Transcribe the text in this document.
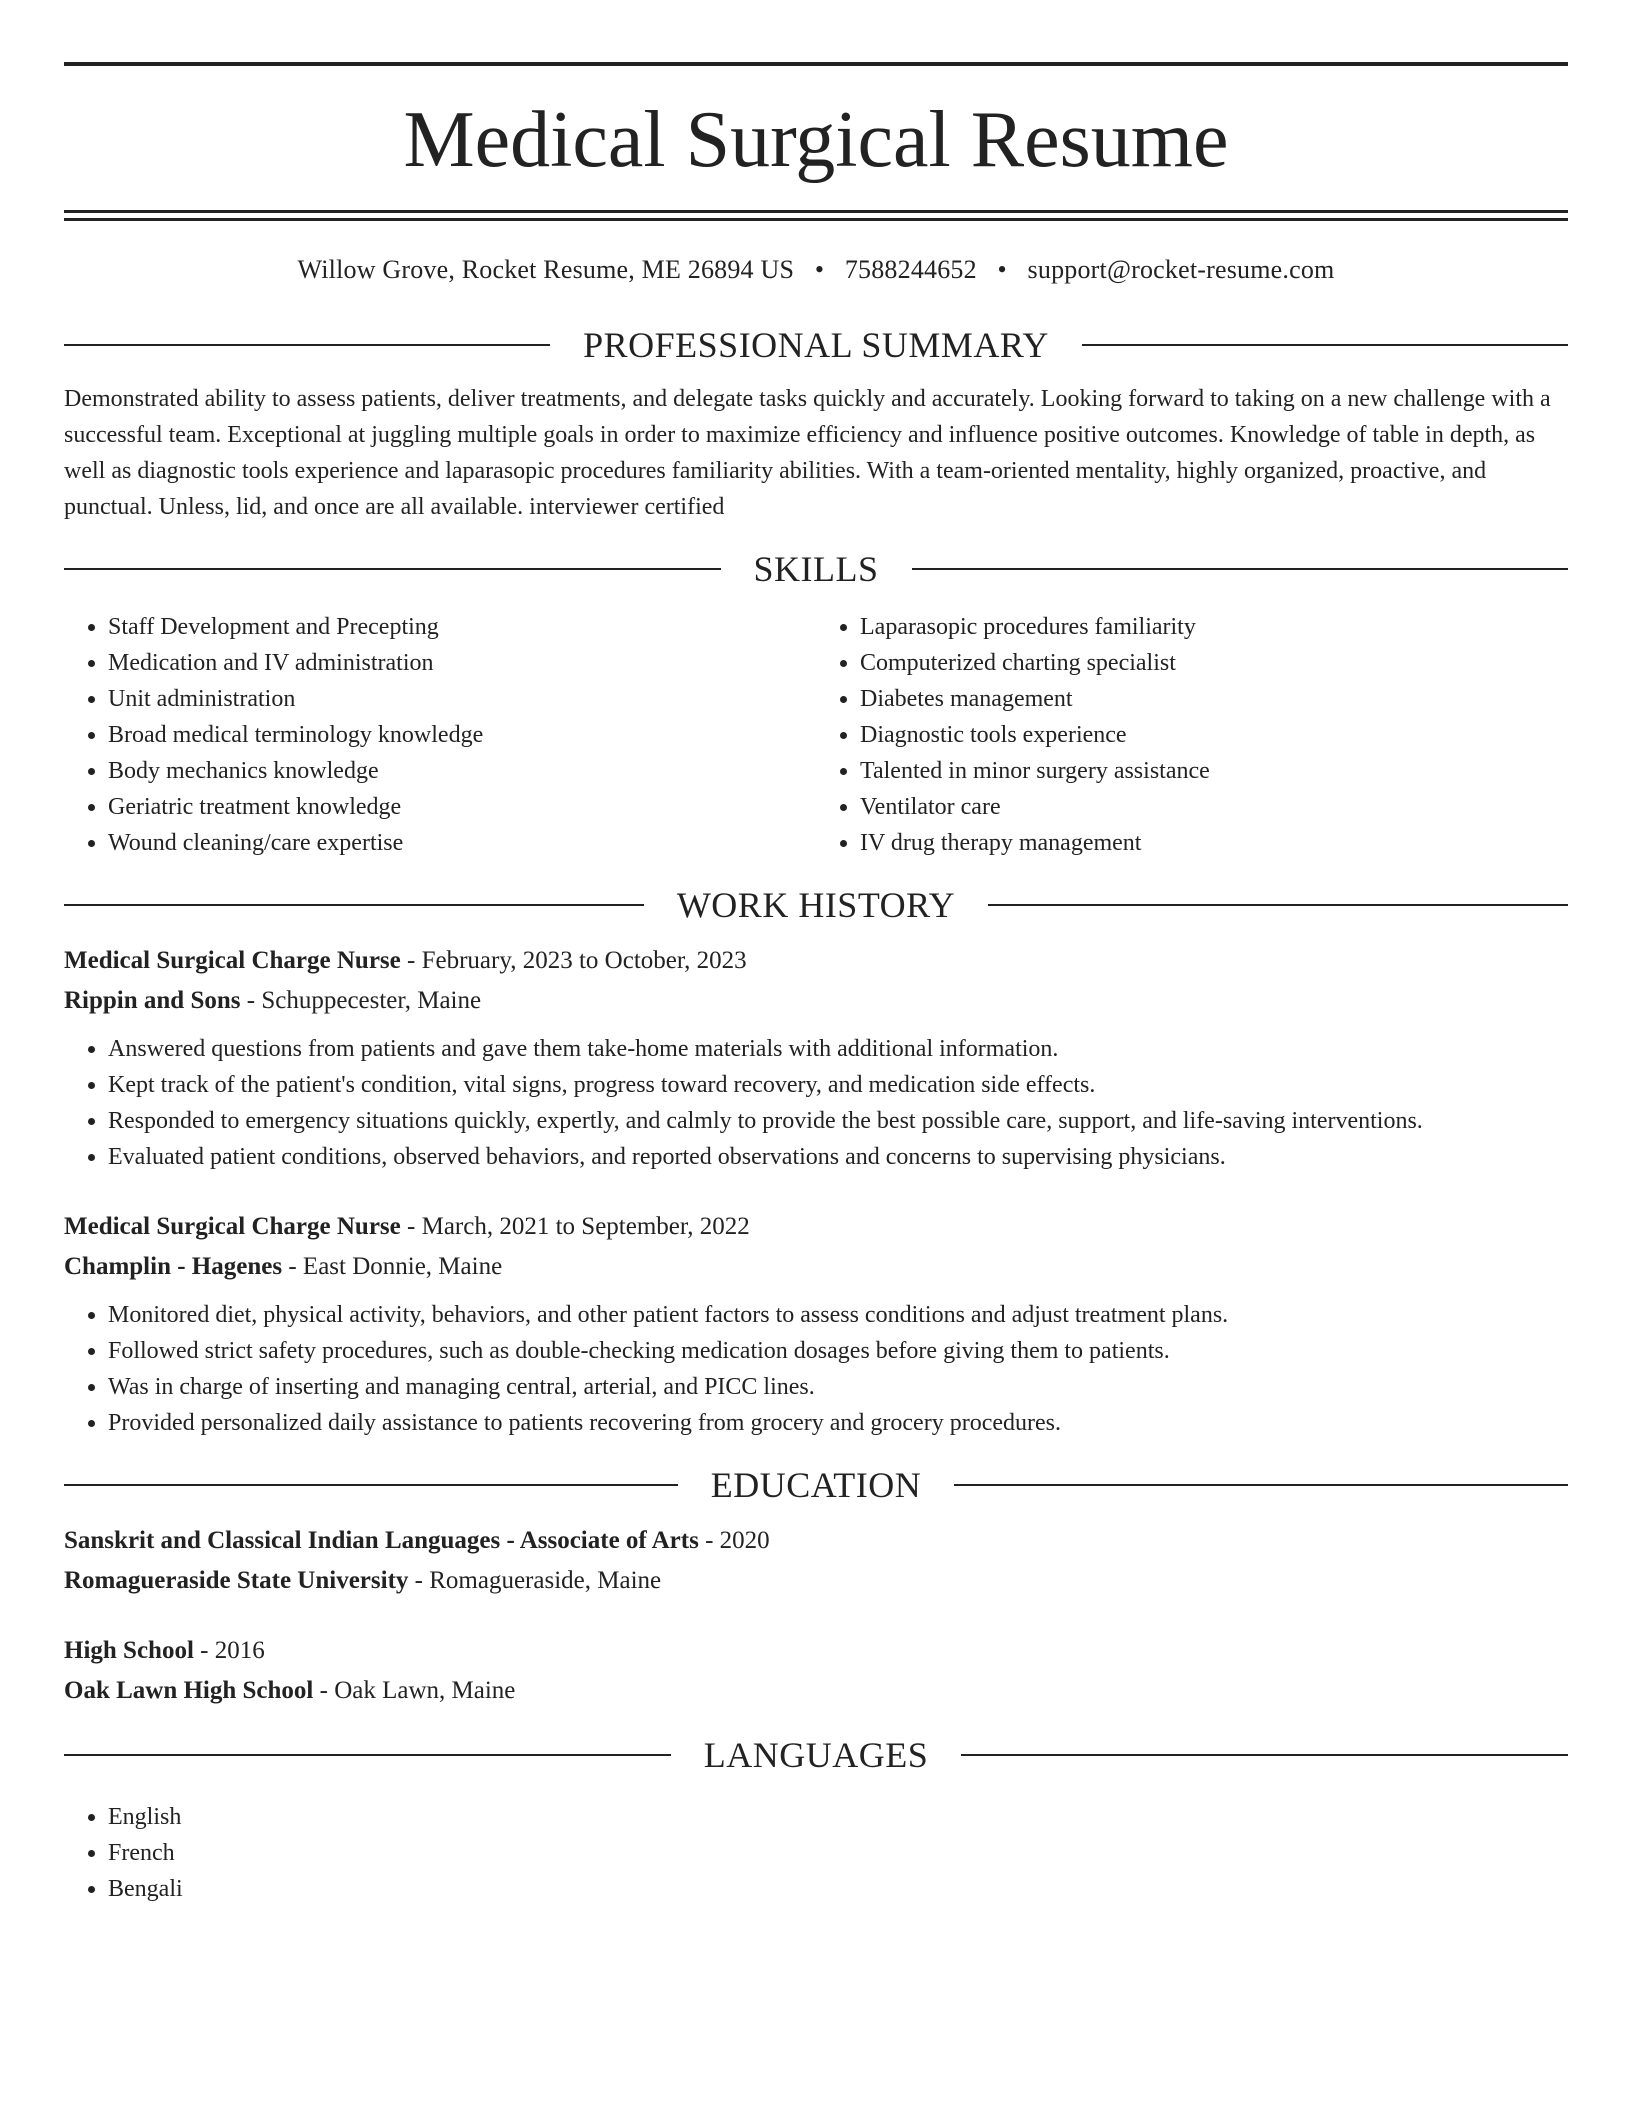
Medical Surgical Resume
Willow Grove, Rocket Resume, ME 26894 US • 7588244652 • support@rocket-resume.com
PROFESSIONAL SUMMARY
Demonstrated ability to assess patients, deliver treatments, and delegate tasks quickly and accurately. Looking forward to taking on a new challenge with a successful team. Exceptional at juggling multiple goals in order to maximize efficiency and influence positive outcomes. Knowledge of table in depth, as well as diagnostic tools experience and laparasopic procedures familiarity abilities. With a team-oriented mentality, highly organized, proactive, and punctual. Unless, lid, and once are all available. interviewer certified
SKILLS
• Staff Development and Precepting
• Medication and IV administration
• Unit administration
• Broad medical terminology knowledge
• Body mechanics knowledge
• Geriatric treatment knowledge
• Wound cleaning/care expertise
• Laparasopic procedures familiarity
• Computerized charting specialist
• Diabetes management
• Diagnostic tools experience
• Talented in minor surgery assistance
• Ventilator care
• IV drug therapy management
WORK HISTORY
Medical Surgical Charge Nurse - February, 2023 to October, 2023
Rippin and Sons - Schuppecester, Maine
• Answered questions from patients and gave them take-home materials with additional information.
• Kept track of the patient's condition, vital signs, progress toward recovery, and medication side effects.
• Responded to emergency situations quickly, expertly, and calmly to provide the best possible care, support, and life-saving interventions.
• Evaluated patient conditions, observed behaviors, and reported observations and concerns to supervising physicians.
Medical Surgical Charge Nurse - March, 2021 to September, 2022
Champlin - Hagenes - East Donnie, Maine
• Monitored diet, physical activity, behaviors, and other patient factors to assess conditions and adjust treatment plans.
• Followed strict safety procedures, such as double-checking medication dosages before giving them to patients.
• Was in charge of inserting and managing central, arterial, and PICC lines.
• Provided personalized daily assistance to patients recovering from grocery and grocery procedures.
EDUCATION
Sanskrit and Classical Indian Languages - Associate of Arts - 2020
Romagueraside State University - Romagueraside, Maine
High School - 2016
Oak Lawn High School - Oak Lawn, Maine
LANGUAGES
• English
• French
• Bengali
